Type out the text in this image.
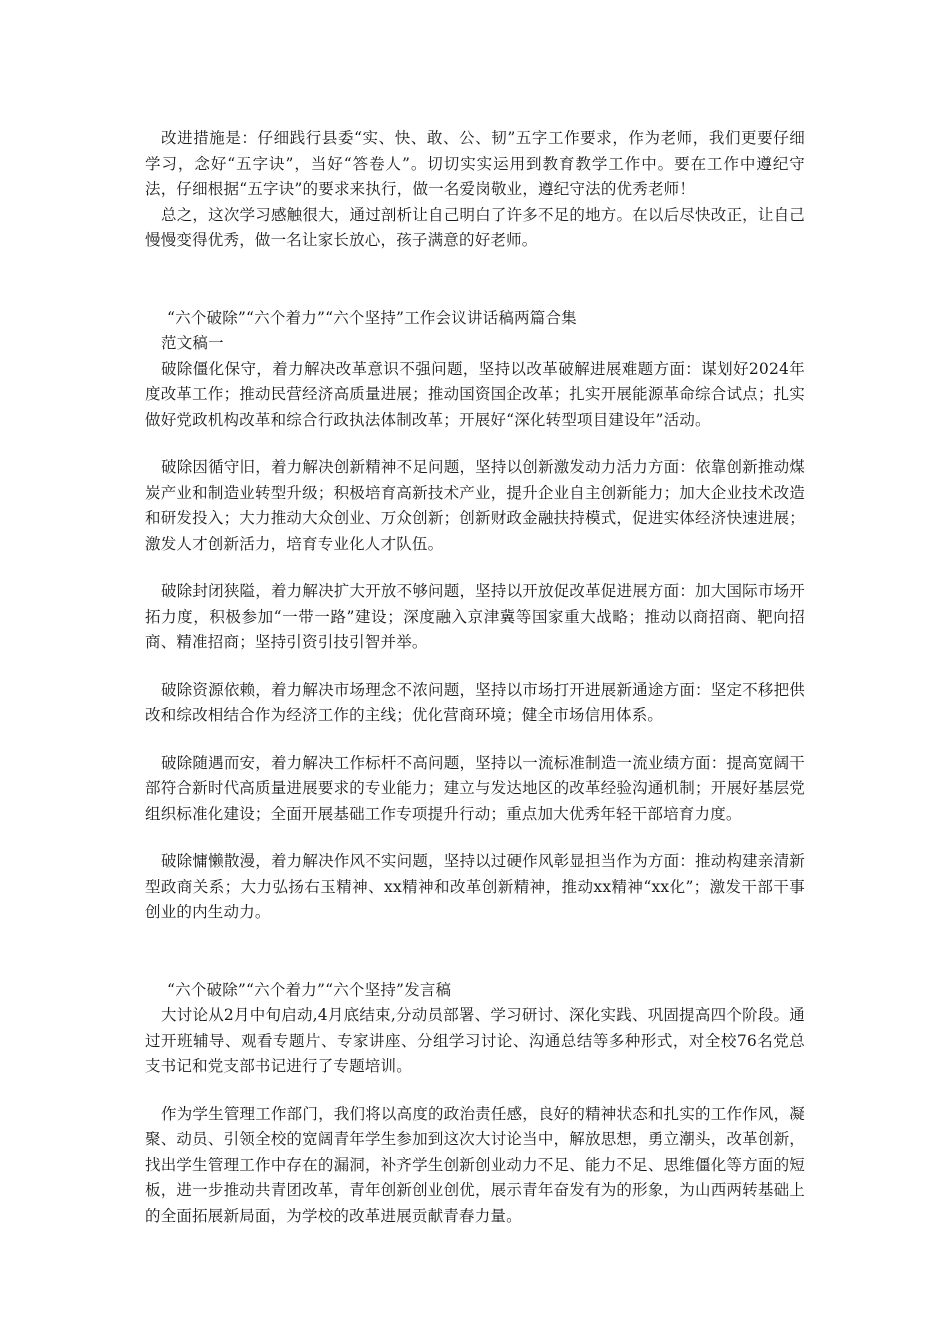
改进措施是：仔细践行县委“实、快、敢、公、韧”五字工作要求，作为老师，我们更要仔细学习，念好“五字诀”，当好“答卷人”。切切实实运用到教育教学工作中。要在工作中遵纪守法，仔细根据“五字诀”的要求来执行，做一名爱岗敬业，遵纪守法的优秀老师！

总之，这次学习感触很大，通过剖析让自己明白了许多不足的地方。在以后尽快改正，让自己慢慢变得优秀，做一名让家长放心，孩子满意的好老师。

“六个破除”“六个着力”“六个坚持”工作会议讲话稿两篇合集

范文稿一

破除僵化保守，着力解决改革意识不强问题，坚持以改革破解进展难题方面：谋划好2024年度改革工作；推动民营经济高质量进展；推动国资国企改革；扎实开展能源革命综合试点；扎实做好党政机构改革和综合行政执法体制改革；开展好“深化转型项目建设年”活动。

破除因循守旧，着力解决创新精神不足问题，坚持以创新激发动力活力方面：依靠创新推动煤炭产业和制造业转型升级；积极培育高新技术产业，提升企业自主创新能力；加大企业技术改造和研发投入；大力推动大众创业、万众创新；创新财政金融扶持模式，促进实体经济快速进展；激发人才创新活力，培育专业化人才队伍。

破除封闭狭隘，着力解决扩大开放不够问题，坚持以开放促改革促进展方面：加大国际市场开拓力度，积极参加“一带一路”建设；深度融入京津冀等国家重大战略；推动以商招商、靶向招商、精准招商；坚持引资引技引智并举。

破除资源依赖，着力解决市场理念不浓问题，坚持以市场打开进展新通途方面：坚定不移把供改和综改相结合作为经济工作的主线；优化营商环境；健全市场信用体系。

破除随遇而安，着力解决工作标杆不高问题，坚持以一流标准制造一流业绩方面：提高宽阔干部符合新时代高质量进展要求的专业能力；建立与发达地区的改革经验沟通机制；开展好基层党组织标准化建设；全面开展基础工作专项提升行动；重点加大优秀年轻干部培育力度。

破除慵懒散漫，着力解决作风不实问题，坚持以过硬作风彰显担当作为方面：推动构建亲清新型政商关系；大力弘扬右玉精神、xx精神和改革创新精神，推动xx精神“xx化”；激发干部干事创业的内生动力。

“六个破除”“六个着力”“六个坚持”发言稿

大讨论从2月中旬启动,4月底结束,分动员部署、学习研讨、深化实践、巩固提高四个阶段。通过开班辅导、观看专题片、专家讲座、分组学习讨论、沟通总结等多种形式，对全校76名党总支书记和党支部书记进行了专题培训。

作为学生管理工作部门，我们将以高度的政治责任感，良好的精神状态和扎实的工作作风，凝聚、动员、引领全校的宽阔青年学生参加到这次大讨论当中，解放思想，勇立潮头，改革创新，找出学生管理工作中存在的漏洞，补齐学生创新创业动力不足、能力不足、思维僵化等方面的短板，进一步推动共青团改革，青年创新创业创优，展示青年奋发有为的形象，为山西两转基础上的全面拓展新局面，为学校的改革进展贡献青春力量。
